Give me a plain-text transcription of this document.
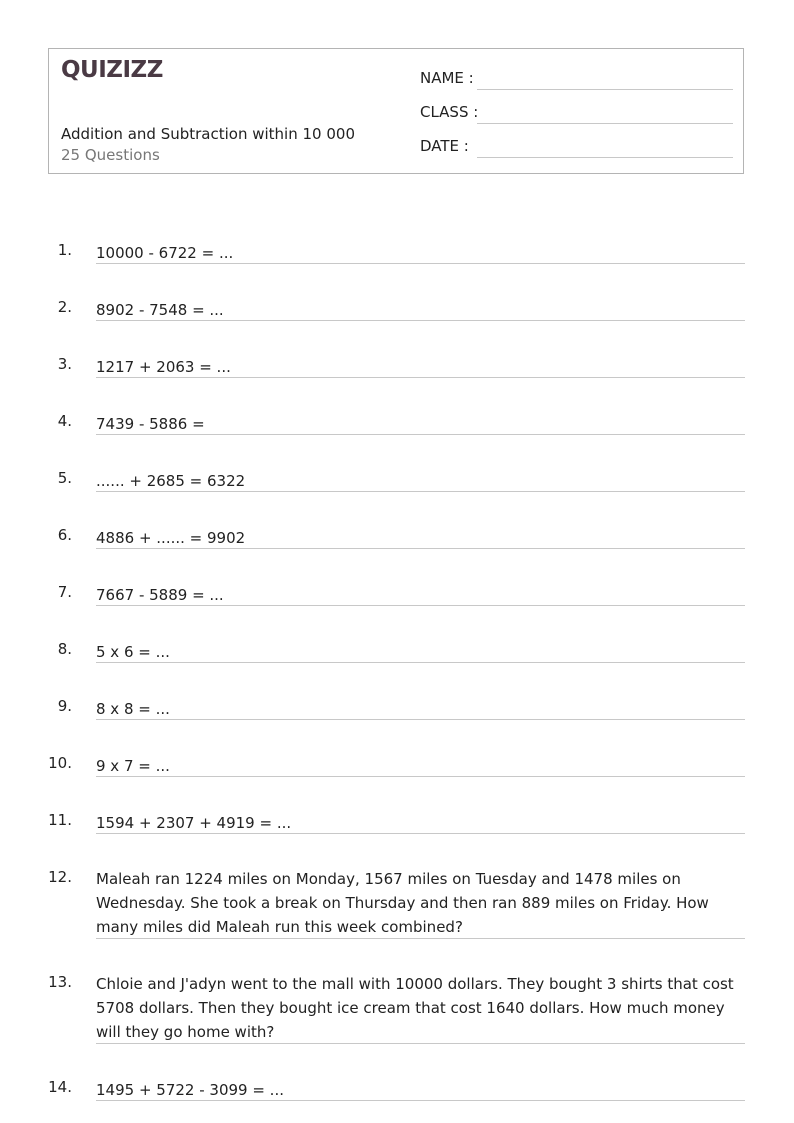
QUIZIZZ
Addition and Subtraction within 10 000
25 Questions
NAME :
CLASS :
DATE :
1. 10000 - 6722 = ...
2. 8902 - 7548 = ...
3. 1217 + 2063 = ...
4. 7439 - 5886 =
5. ...... + 2685 = 6322
6. 4886 + ...... = 9902
7. 7667 - 5889 = ...
8. 5 x 6 = ...
9. 8 x 8 = ...
10. 9 x 7 = ...
11. 1594 + 2307 + 4919 = ...
12. Maleah ran 1224 miles on Monday, 1567 miles on Tuesday and 1478 miles on Wednesday. She took a break on Thursday and then ran 889 miles on Friday. How many miles did Maleah run this week combined?
13. Chloie and J'adyn went to the mall with 10000 dollars. They bought 3 shirts that cost 5708 dollars. Then they bought ice cream that cost 1640 dollars. How much money will they go home with?
14. 1495 + 5722 - 3099 = ...
